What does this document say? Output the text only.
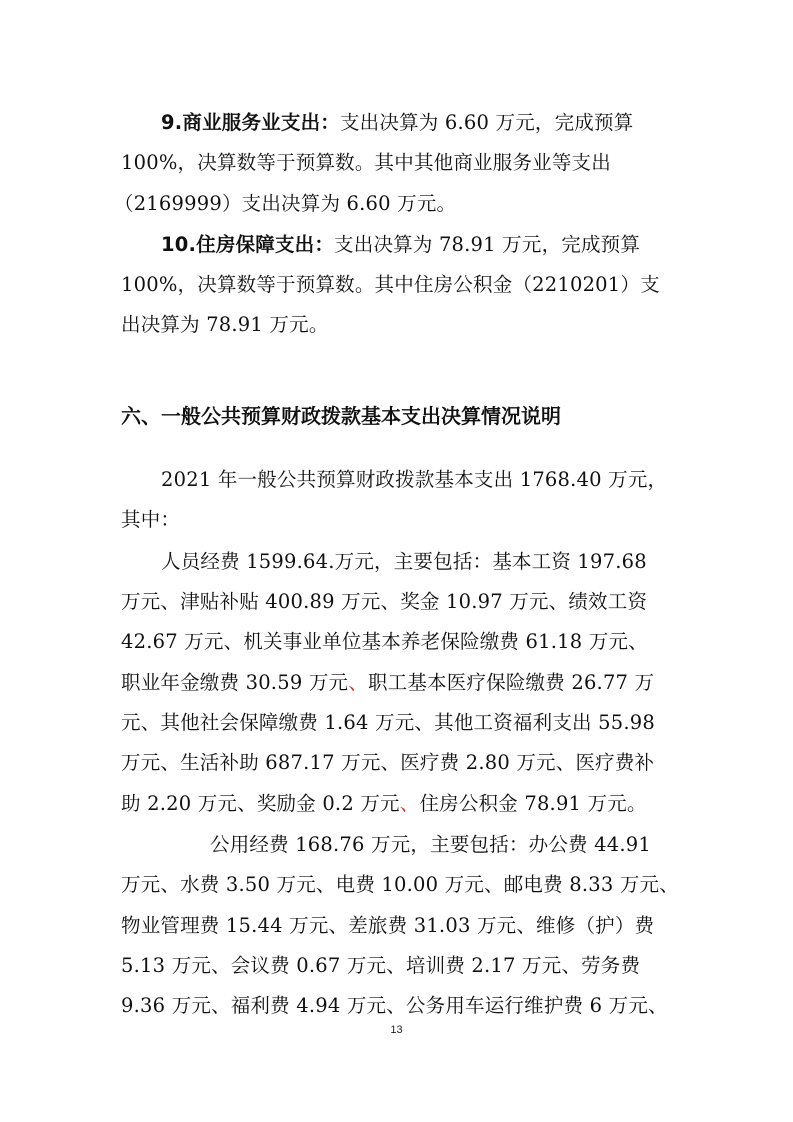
9.商业服务业支出：支出决算为 6.60 万元，完成预算
100%，决算数等于预算数。其中其他商业服务业等支出
（2169999）支出决算为 6.60 万元。
10.住房保障支出：支出决算为 78.91 万元，完成预算
100%，决算数等于预算数。其中住房公积金（2210201）支
出决算为 78.91 万元。
六、一般公共预算财政拨款基本支出决算情况说明
2021 年一般公共预算财政拨款基本支出 1768.40 万元，
其中：
人员经费 1599.64.万元，主要包括：基本工资 197.68
万元、津贴补贴 400.89 万元、奖金 10.97 万元、绩效工资
42.67 万元、机关事业单位基本养老保险缴费 61.18 万元、
职业年金缴费 30.59 万元、职工基本医疗保险缴费 26.77 万
元、其他社会保障缴费 1.64 万元、其他工资福利支出 55.98
万元、生活补助 687.17 万元、医疗费 2.80 万元、医疗费补
助 2.20 万元、奖励金 0.2 万元、住房公积金 78.91 万元。
公用经费 168.76 万元，主要包括：办公费 44.91
万元、水费 3.50 万元、电费 10.00 万元、邮电费 8.33 万元、
物业管理费 15.44 万元、差旅费 31.03 万元、维修（护）费
5.13 万元、会议费 0.67 万元、培训费 2.17 万元、劳务费
9.36 万元、福利费 4.94 万元、公务用车运行维护费 6 万元、
13
